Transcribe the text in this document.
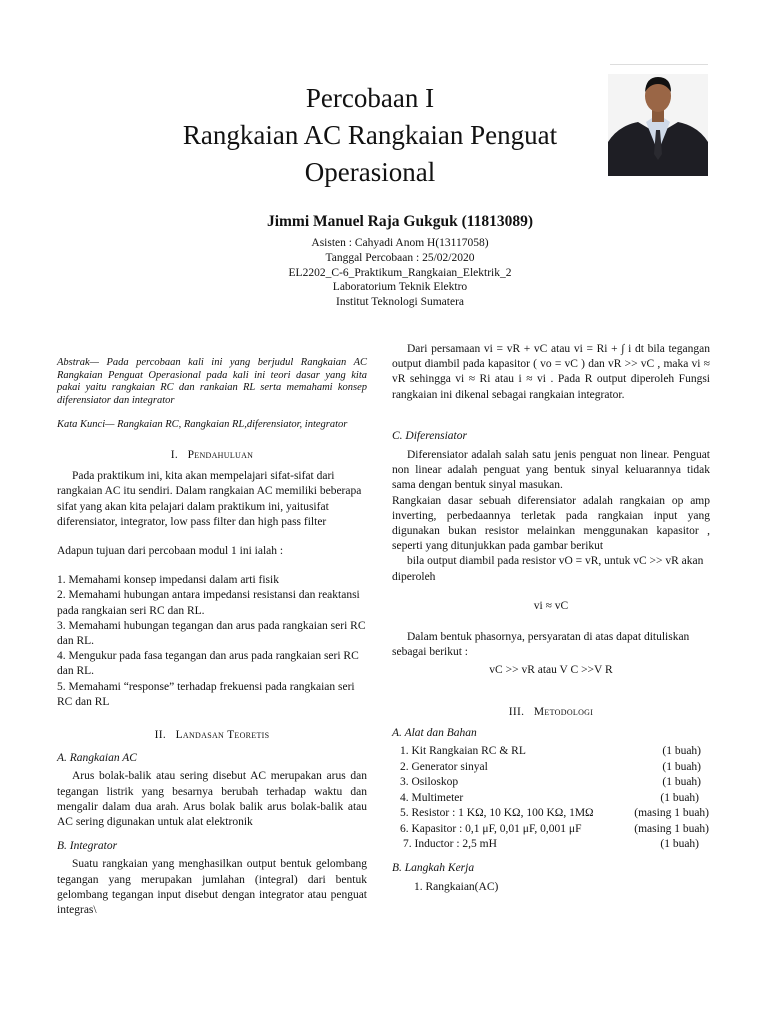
Percobaan I
Rangkaian AC Rangkaian Penguat
Operasional
Jimmi Manuel Raja Gukguk (11813089)
Asisten : Cahyadi Anom H(13117058)
Tanggal Percobaan : 25/02/2020
EL2202_C-6_Praktikum_Rangkaian_Elektrik_2
Laboratorium Teknik Elektro
Institut Teknologi Sumatera

Abstrak— Pada percobaan kali ini yang berjudul Rangkaian AC Rangkaian Penguat Operasional pada kali ini teori dasar yang kita pakai yaitu rangkaian RC dan rankaian RL serta memahami konsep diferensiator dan integrator

Kata Kunci— Rangkaian RC, Rangkaian RL,diferensiator, integrator

I. Pendahuluan

Pada praktikum ini, kita akan mempelajari sifat-sifat dari rangkaian AC itu sendiri. Dalam rangkaian AC memiliki beberapa sifat yang akan kita pelajari dalam praktikum ini, yaitusifat diferensiator, integrator, low pass filter dan high pass filter

Adapun tujuan dari percobaan modul 1 ini ialah :

1. Memahami konsep impedansi dalam arti fisik

2. Memahami hubungan antara impedansi resistansi dan reaktansi pada rangkaian seri RC dan RL.

3. Memahami hubungan tegangan dan arus pada rangkaian seri RC dan RL.

4. Mengukur pada fasa tegangan dan arus pada rangkaian seri RC dan RL.

5. Memahami “response” terhadap frekuensi pada rangkaian seri RC dan RL

II. Landasan Teoretis

A. Rangkaian AC

Arus bolak-balik atau sering disebut AC merupakan arus dan tegangan listrik yang besarnya berubah terhadap waktu dan mengalir dalam dua arah. Arus bolak balik arus bolak-balik atau AC sering digunakan untuk alat elektronik

B. Integrator

Suatu rangkaian yang menghasilkan output bentuk gelombang tegangan yang merupakan jumlahan (integral) dari bentuk gelombang tegangan input disebut dengan integrator atau penguat integras\

Dari persamaan vi = vR + vC atau vi = Ri + ∫ i dt bila tegangan output diambil pada kapasitor ( vo = vC ) dan vR >> vC , maka vi ≈ vR sehingga vi ≈ Ri atau i ≈ vi . Pada R output diperoleh Fungsi rangkaian ini dikenal sebagai rangkaian integrator.

C. Diferensiator

Diferensiator adalah salah satu jenis penguat non linear. Penguat non linear adalah penguat yang bentuk sinyal keluarannya tidak sama dengan bentuk sinyal masukan.

Rangkaian dasar sebuah diferensiator adalah rangkaian op amp inverting, perbedaannya terletak pada rangkaian input yang digunakan bukan resistor melainkan menggunakan kapasitor , seperti yang ditunjukkan pada gambar berikut

bila output diambil pada resistor vO = vR, untuk vC >> vR akan diperoleh

vi ≈ vC

Dalam bentuk phasornya, persyaratan di atas dapat dituliskan sebagai berikut :

vC >> vR atau V C >>V R

III. Metodologi

A. Alat dan Bahan

1. Kit Rangkaian RC & RL	(1 buah)
2. Generator sinyal	(1 buah)
3. Osiloskop	(1 buah)
4. Multimeter	(1 buah)
5. Resistor : 1 KΩ, 10 KΩ, 100 KΩ, 1MΩ	(masing 1 buah)
6. Kapasitor : 0,1 μF, 0,01 μF, 0,001 μF	(masing 1 buah)
7. Inductor : 2,5 mH	(1 buah)

B. Langkah Kerja

1. Rangkaian(AC)
